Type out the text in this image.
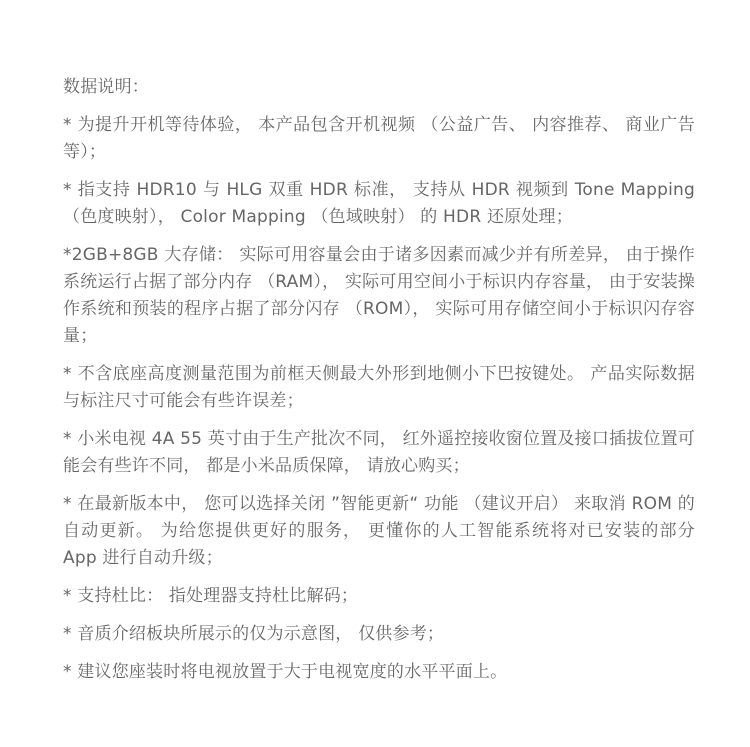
数据说明：
* 为提升开机等待体验， 本产品包含开机视频 （公益广告、 内容推荐、 商业广告等）；
* 指支持 HDR10 与 HLG 双重 HDR 标准， 支持从 HDR 视频到 Tone Mapping （色度映射）， Color Mapping （色域映射） 的 HDR 还原处理；
*2GB+8GB 大存储： 实际可用容量会由于诸多因素而减少并有所差异， 由于操作系统运行占据了部分内存 （RAM）， 实际可用空间小于标识内存容量， 由于安装操作系统和预装的程序占据了部分闪存 （ROM）， 实际可用存储空间小于标识闪存容量；
* 不含底座高度测量范围为前框天侧最大外形到地侧小下巴按键处。 产品实际数据与标注尺寸可能会有些许误差；
* 小米电视 4A 55 英寸由于生产批次不同， 红外遥控接收窗位置及接口插拔位置可能会有些许不同， 都是小米品质保障， 请放心购买；
* 在最新版本中， 您可以选择关闭 ”智能更新“ 功能 （建议开启） 来取消 ROM 的自动更新。 为给您提供更好的服务， 更懂你的人工智能系统将对已安装的部分 App 进行自动升级；
* 支持杜比： 指处理器支持杜比解码；
* 音质介绍板块所展示的仅为示意图， 仅供参考；
* 建议您座装时将电视放置于大于电视宽度的水平平面上。
